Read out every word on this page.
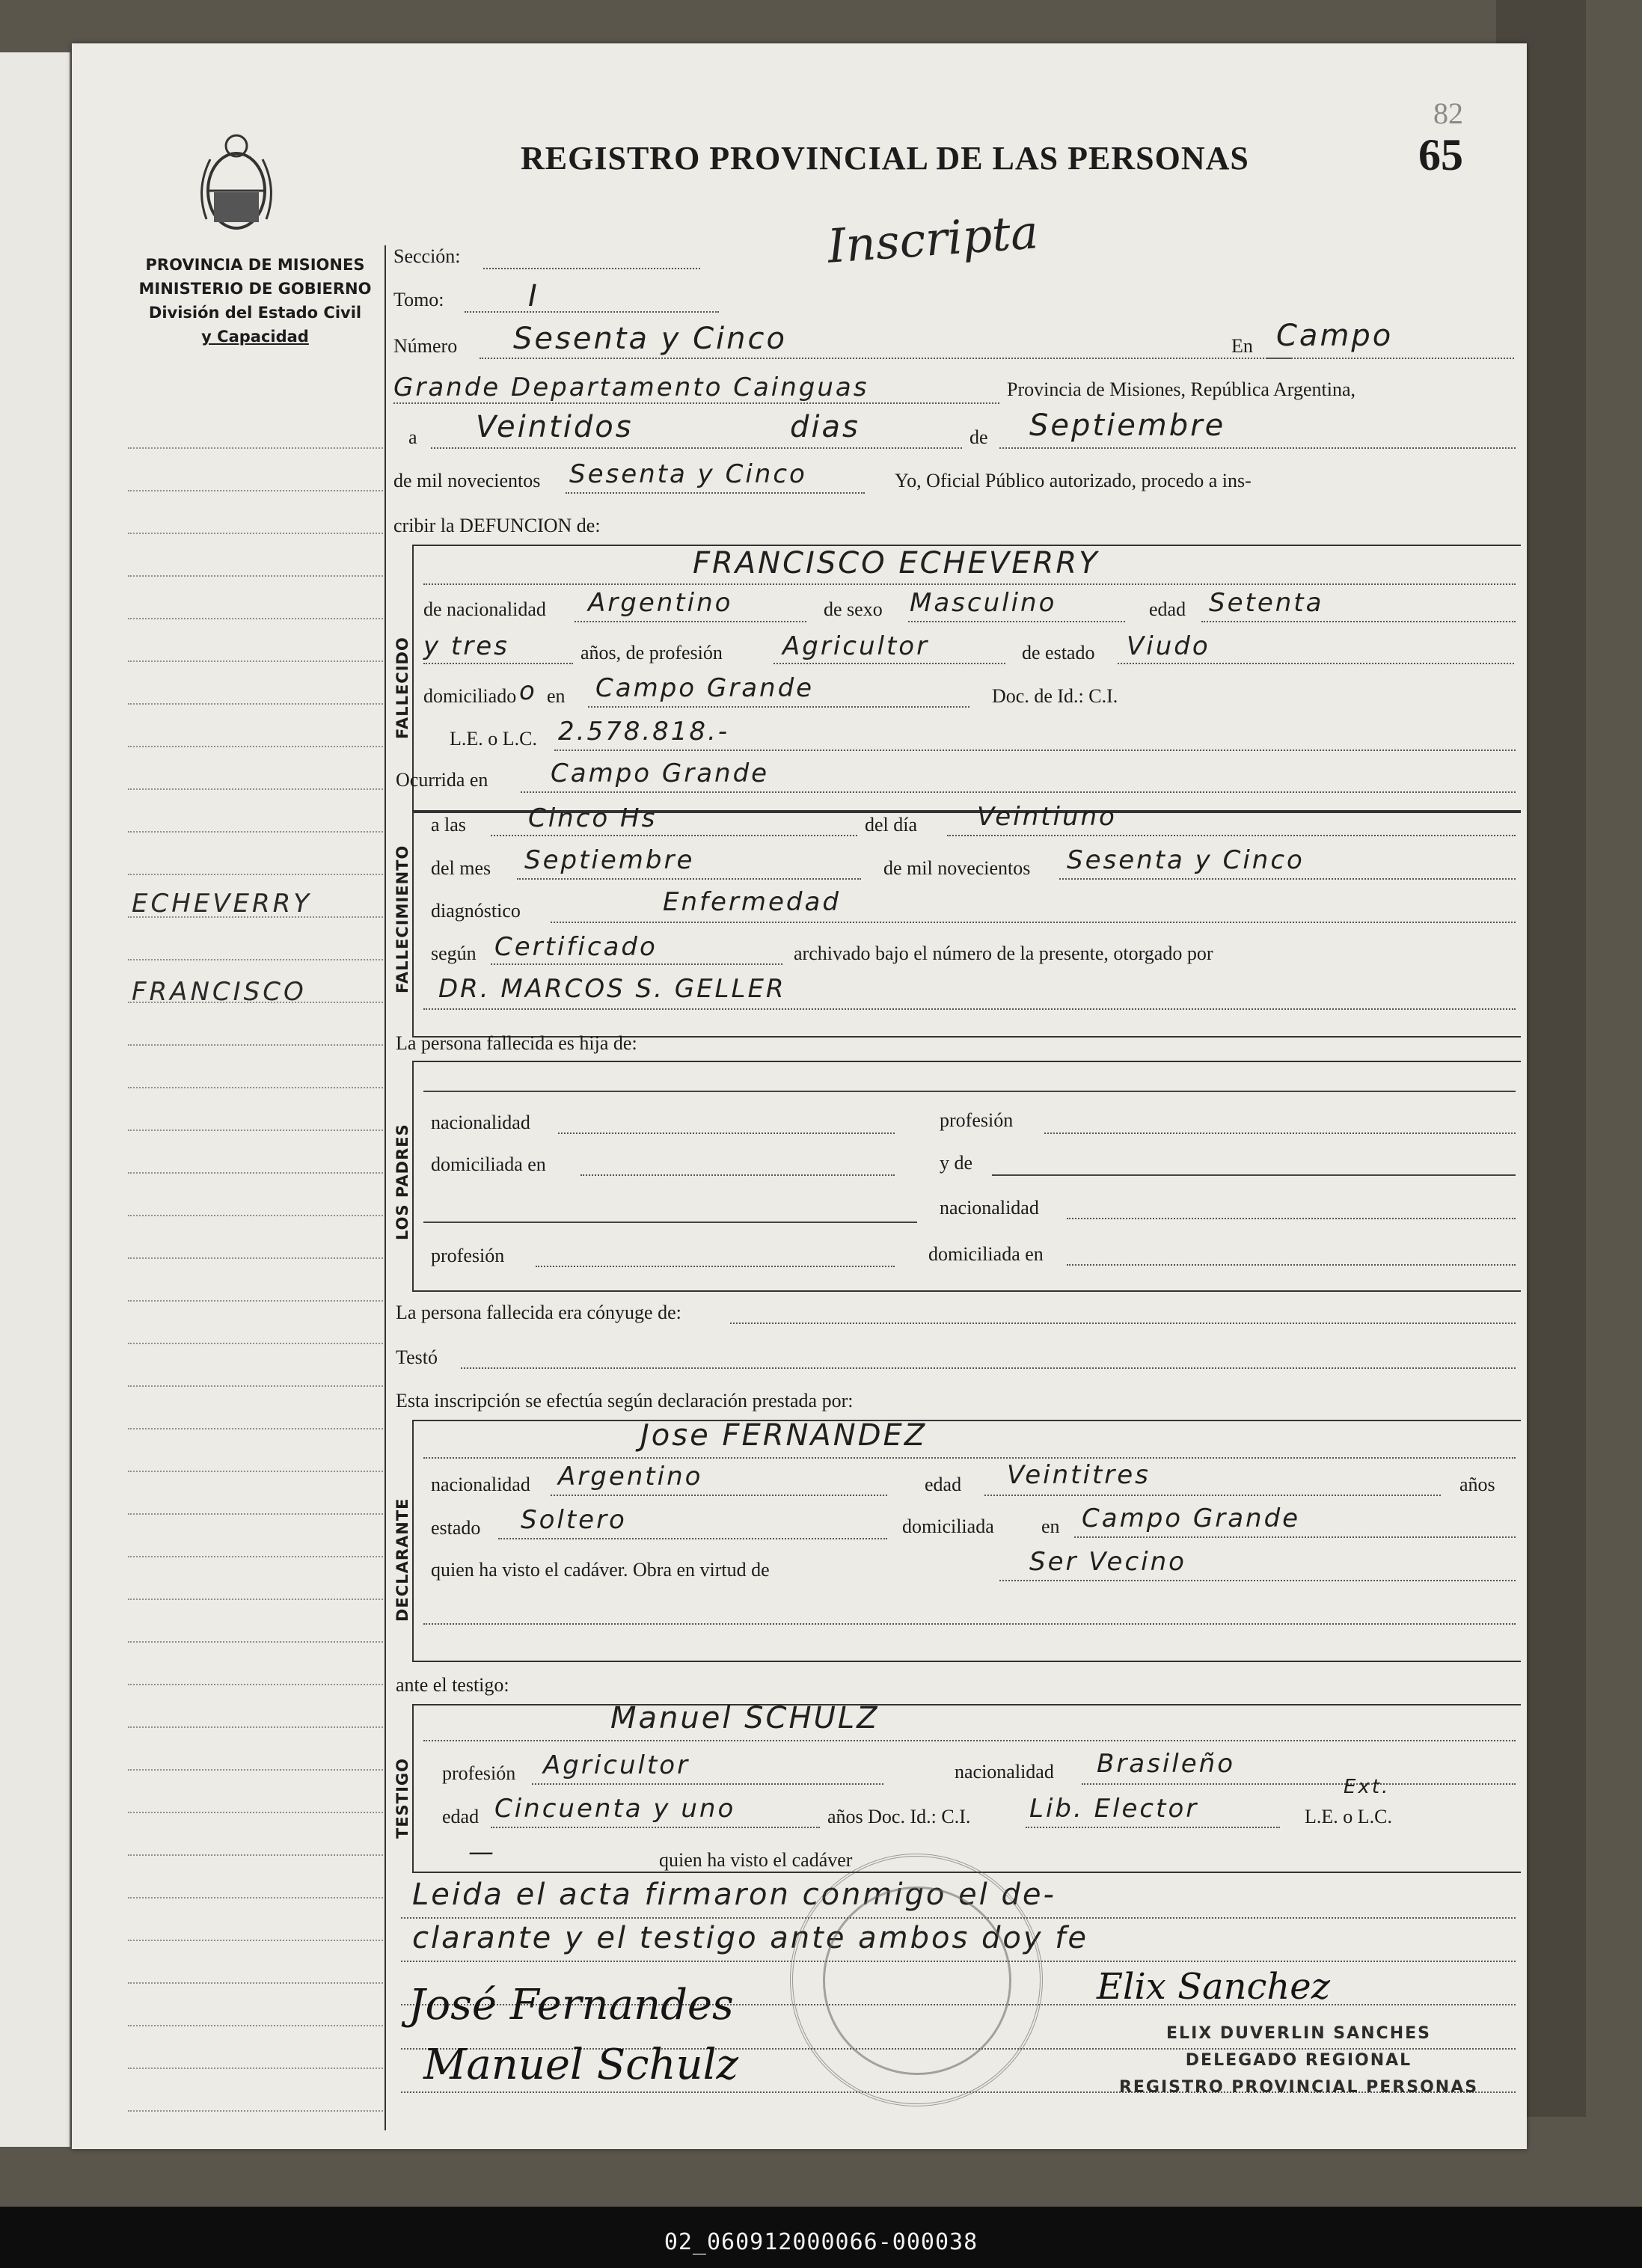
82
65
REGISTRO PROVINCIAL DE LAS PERSONAS
Inscripta
PROVINCIA DE MISIONES
MINISTERIO DE GOBIERNO
División del Estado Civil
y Capacidad
ECHEVERRY
FRANCISCO
Sección:
Tomo:	I
Número Sesenta y Cinco	En Campo
Grande Departamento Cainguas	Provincia de Misiones, República Argentina,
a Veintidos	dias	de Septiembre
de mil novecientos Sesenta y Cinco	Yo, Oficial Público autorizado, procedo a ins-
cribir la DEFUNCION de:
FALLECIDO
FRANCISCO ECHEVERRY
de nacionalidad Argentino	de sexo Masculino	edad Setenta
y tres	años, de profesión Agricultor	de estado Viudo
domiciliado o en Campo Grande	Doc. de Id.: C.I.
L.E. o L.C. 2.578.818.-
Ocurrida en Campo Grande
FALLECIMIENTO
a las Cinco Hs	del día Veintiuno
del mes Septiembre	de mil novecientos Sesenta y Cinco
diagnóstico	Enfermedad
según Certificado	archivado bajo el número de la presente, otorgado por
DR. MARCOS S. GELLER
La persona fallecida es hija de:
LOS PADRES
nacionalidad	profesión
domiciliada en	y de
nacionalidad
profesión	domiciliada en
La persona fallecida era cónyuge de:
Testó
Esta inscripción se efectúa según declaración prestada por:
DECLARANTE
Jose FERNANDEZ
nacionalidad Argentino	edad Veintitres	años
estado Soltero	domiciliada en Campo Grande
quien ha visto el cadáver. Obra en virtud de	Ser Vecino
ante el testigo:
TESTIGO
Manuel SCHULZ
profesión Agricultor	nacionalidad Brasileño
edad Cincuenta y uno	años Doc. Id.: C.I. Lib. Elector
Ext.
L.E. o L.C.
—	quien ha visto el cadáver
Leida el acta firmaron conmigo el de-
clarante y el testigo ante ambos doy fe
José Fernandes
Manuel Schulz
Elix Sanchez
ELIX DUVERLIN SANCHES
DELEGADO REGIONAL
REGISTRO PROVINCIAL PERSONAS
02_060912000066-000038
